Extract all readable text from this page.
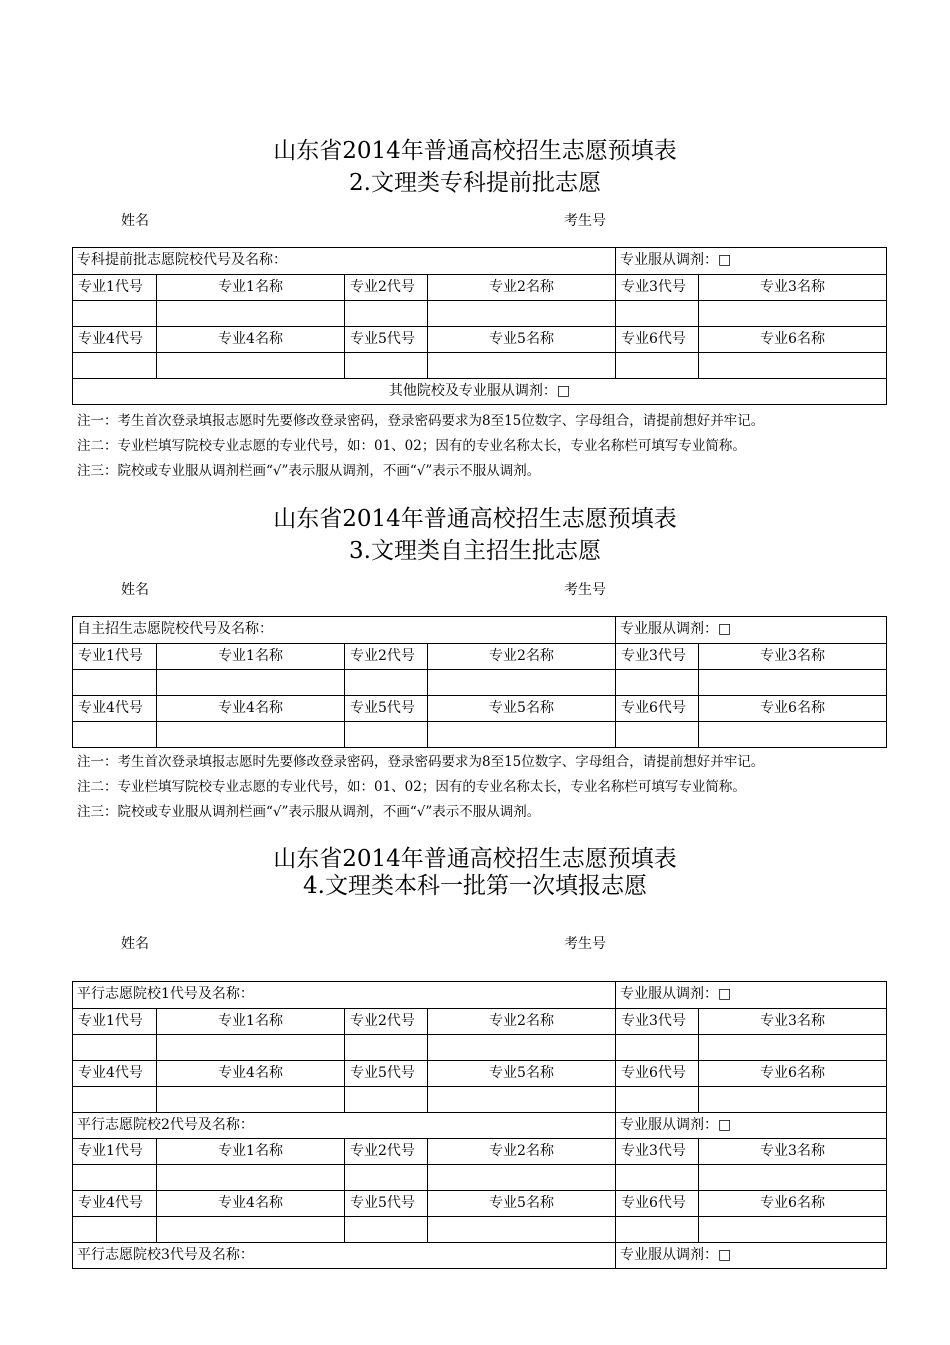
山东省2014年普通高校招生志愿预填表
2.文理类专科提前批志愿
姓名	考生号
专科提前批志愿院校代号及名称：	专业服从调剂：□
专业1代号	专业1名称	专业2代号	专业2名称	专业3代号	专业3名称
专业4代号	专业4名称	专业5代号	专业5名称	专业6代号	专业6名称
其他院校及专业服从调剂：□
注一：考生首次登录填报志愿时先要修改登录密码，登录密码要求为8至15位数字、字母组合，请提前想好并牢记。
注二：专业栏填写院校专业志愿的专业代号，如：01、02；因有的专业名称太长，专业名称栏可填写专业简称。
注三：院校或专业服从调剂栏画“√”表示服从调剂，不画“√”表示不服从调剂。
山东省2014年普通高校招生志愿预填表
3.文理类自主招生批志愿
姓名	考生号
自主招生志愿院校代号及名称：	专业服从调剂：□
专业1代号	专业1名称	专业2代号	专业2名称	专业3代号	专业3名称
专业4代号	专业4名称	专业5代号	专业5名称	专业6代号	专业6名称
注一：考生首次登录填报志愿时先要修改登录密码，登录密码要求为8至15位数字、字母组合，请提前想好并牢记。
注二：专业栏填写院校专业志愿的专业代号，如：01、02；因有的专业名称太长，专业名称栏可填写专业简称。
注三：院校或专业服从调剂栏画“√”表示服从调剂，不画“√”表示不服从调剂。
山东省2014年普通高校招生志愿预填表
4.文理类本科一批第一次填报志愿
姓名	考生号
平行志愿院校1代号及名称：	专业服从调剂：□
专业1代号	专业1名称	专业2代号	专业2名称	专业3代号	专业3名称
专业4代号	专业4名称	专业5代号	专业5名称	专业6代号	专业6名称
平行志愿院校2代号及名称：	专业服从调剂：□
专业1代号	专业1名称	专业2代号	专业2名称	专业3代号	专业3名称
专业4代号	专业4名称	专业5代号	专业5名称	专业6代号	专业6名称
平行志愿院校3代号及名称：	专业服从调剂：□
